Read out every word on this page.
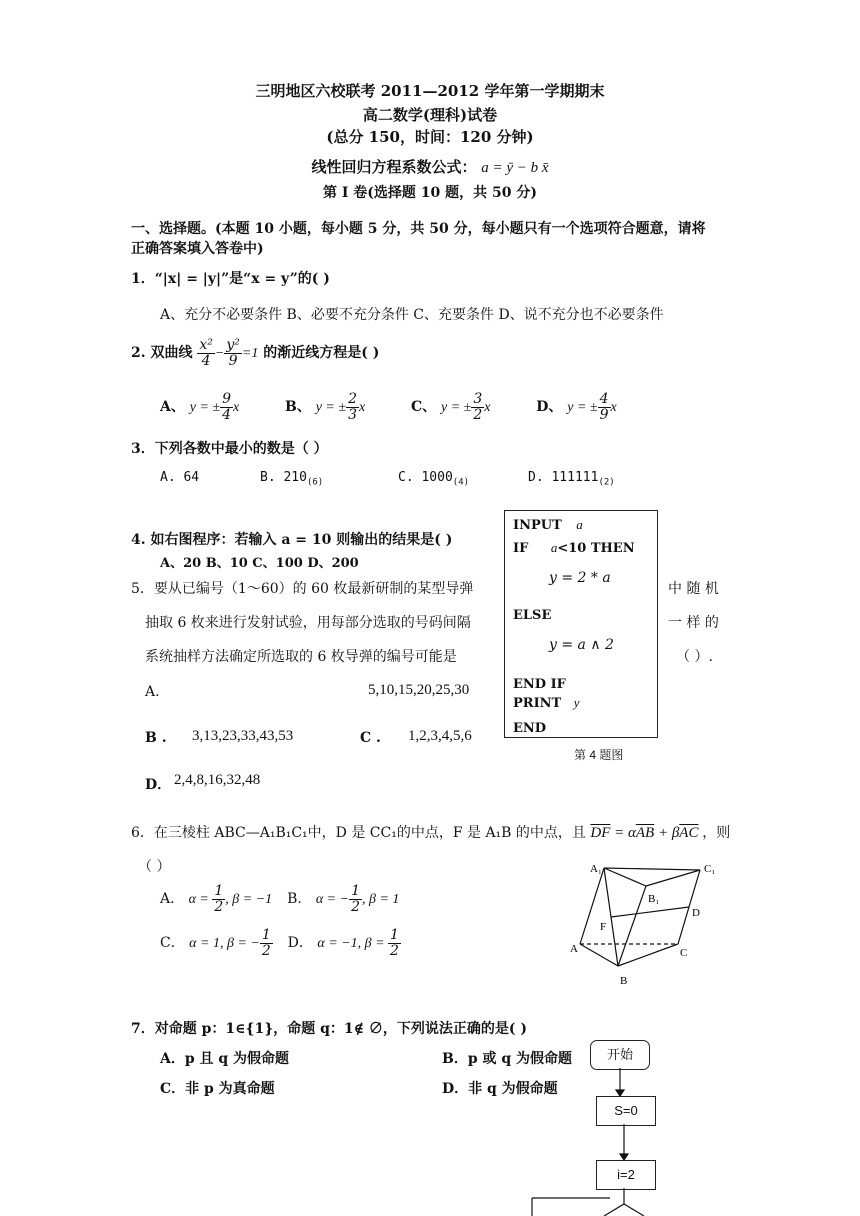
三明地区六校联考 2011—2012 学年第一学期期末
高二数学(理科)试卷
(总分 150，时间：120 分钟)
线性回归方程系数公式： a = ȳ − b x̄
第 I 卷(选择题 10 题，共 50 分)
一、选择题。(本题 10 小题，每小题 5 分，共 50 分，每小题只有一个选项符合题意，请将
正确答案填入答卷中)
1．“|x| = |y|”是“x = y”的( )
A、充分不必要条件 B、必要不充分条件 C、充要条件 D、说不充分也不必要条件
2. 双曲线 $\frac{\text{x²}}{4} - \frac{\text{y²}}{9} =1$ 的渐近线方程是( )
A、 y = ± $\frac{9}{4}$ x	B、 y = ± $\frac{2}{3}$ x	C、 y = ± $\frac{3}{2}$ x	D、 y = ± $\frac{4}{9}$ x
3．下列各数中最小的数是（ ）
A. 64	B. $210_{(6)}$	C. $1000_{(4)}$	D. $111111_{(2)}$
4. 如右图程序：若输入 a = 10 则输出的结果是( )
A、20 B、10 C、100 D、200
INPUT a
IF a<10 THEN
y = 2 * a
ELSE
y = a ∧ 2
END IF
PRINT y
END
第 4 题图
5．要从已编号（1～60）的 60 枚最新研制的某型导弹	中 随 机
抽取 6 枚来进行发射试验，用每部分选取的号码间隔	一 样 的
系统抽样方法确定所选取的 6 枚导弹的编号可能是	（ ）.
A.	5,10,15,20,25,30
B . 3,13,23,33,43,53	C . 1,2,3,4,5,6
D． 2,4,8,16,32,48
6．在三棱柱 ABC—A₁B₁C₁中，D 是 CC₁的中点，F 是 A₁B 的中点，且 $\overline{DF} = \alpha\overline{AB} + \beta\overline{AC}$ ，则
（ ）
A． $\alpha = \frac{1}{2}$ , β = −1 B． α = − $\frac{1}{2}$ , β = 1
C． α = 1, β = − $\frac{1}{2}$ D． α = −1, $\beta = \frac{1}{2}$
A₁	C₁
B₁
D
F
A	C
B
7．对命题 p：1∈{1}，命题 q：1∉ ∅，下列说法正确的是( )
A．p 且 q 为假命题	B．p 或 q 为假命题
C．非 p 为真命题	D．非 q 为假命题
开始
S=0
i=2
